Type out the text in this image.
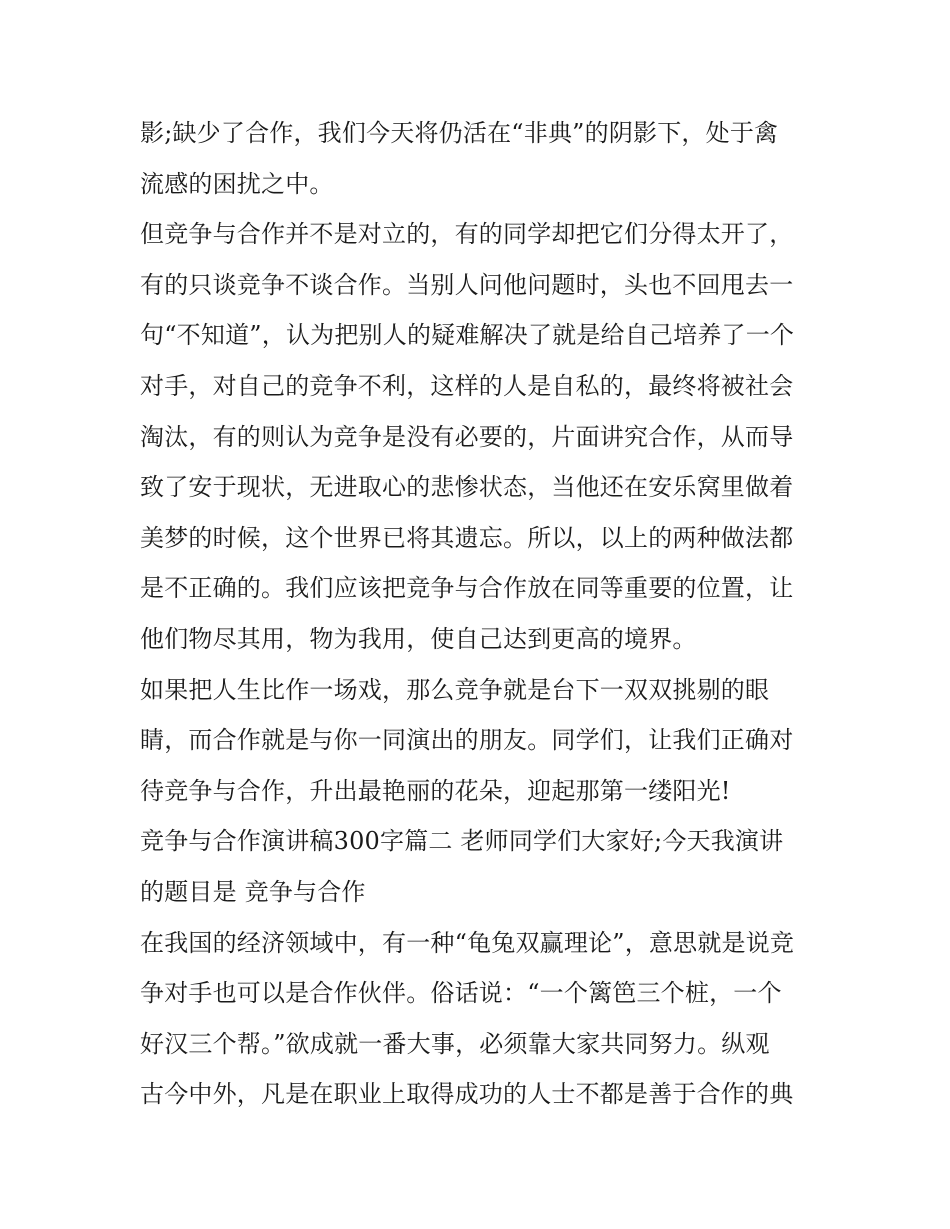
影;缺少了合作，我们今天将仍活在“非典”的阴影下，处于禽
流感的困扰之中。
但竞争与合作并不是对立的，有的同学却把它们分得太开了，
有的只谈竞争不谈合作。当别人问他问题时，头也不回甩去一
句“不知道”，认为把别人的疑难解决了就是给自己培养了一个
对手，对自己的竞争不利，这样的人是自私的，最终将被社会
淘汰，有的则认为竞争是没有必要的，片面讲究合作，从而导
致了安于现状，无进取心的悲惨状态，当他还在安乐窝里做着
美梦的时候，这个世界已将其遗忘。所以，以上的两种做法都
是不正确的。我们应该把竞争与合作放在同等重要的位置，让
他们物尽其用，物为我用，使自己达到更高的境界。
如果把人生比作一场戏，那么竞争就是台下一双双挑剔的眼
睛，而合作就是与你一同演出的朋友。同学们，让我们正确对
待竞争与合作，升出最艳丽的花朵，迎起那第一缕阳光!
竞争与合作演讲稿300字篇二 老师同学们大家好;今天我演讲
的题目是 竞争与合作
在我国的经济领域中，有一种“龟兔双赢理论”，意思就是说竞
争对手也可以是合作伙伴。俗话说：“一个篱笆三个桩，一个
好汉三个帮。”欲成就一番大事，必须靠大家共同努力。纵观
古今中外，凡是在职业上取得成功的人士不都是善于合作的典
